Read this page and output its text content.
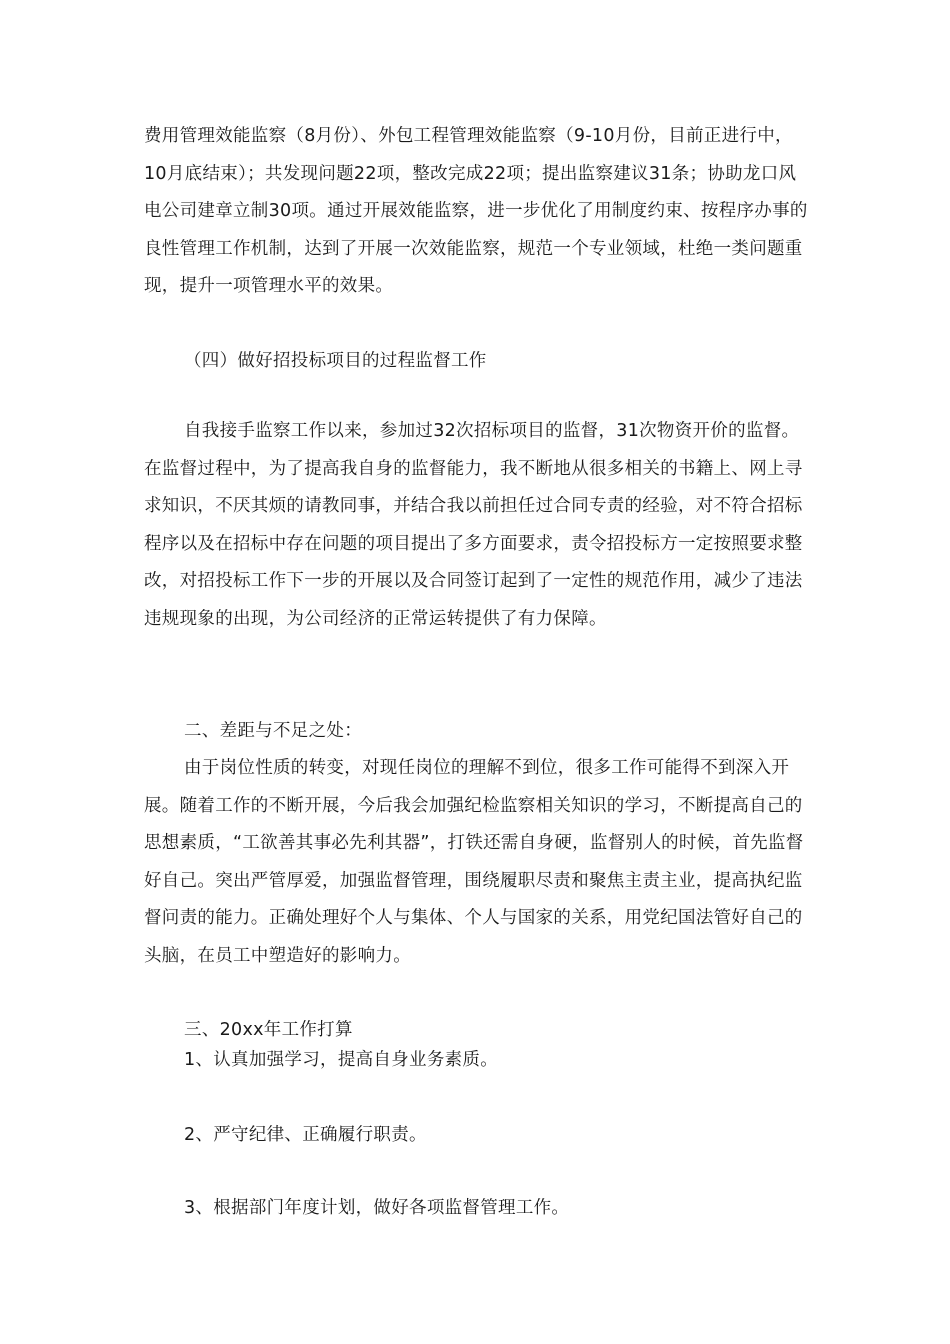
费用管理效能监察（8月份）、外包工程管理效能监察（9-10月份，目前正进行中，10月底结束）；共发现问题22项，整改完成22项；提出监察建议31条；协助龙口风电公司建章立制30项。通过开展效能监察，进一步优化了用制度约束、按程序办事的良性管理工作机制，达到了开展一次效能监察，规范一个专业领域，杜绝一类问题重现，提升一项管理水平的效果。

（四）做好招投标项目的过程监督工作

自我接手监察工作以来，参加过32次招标项目的监督，31次物资开价的监督。在监督过程中，为了提高我自身的监督能力，我不断地从很多相关的书籍上、网上寻求知识，不厌其烦的请教同事，并结合我以前担任过合同专责的经验，对不符合招标程序以及在招标中存在问题的项目提出了多方面要求，责令招投标方一定按照要求整改，对招投标工作下一步的开展以及合同签订起到了一定性的规范作用，减少了违法违规现象的出现，为公司经济的正常运转提供了有力保障。

二、差距与不足之处：

由于岗位性质的转变，对现任岗位的理解不到位，很多工作可能得不到深入开展。随着工作的不断开展，今后我会加强纪检监察相关知识的学习，不断提高自己的思想素质，“工欲善其事必先利其器”，打铁还需自身硬，监督别人的时候，首先监督好自己。突出严管厚爱，加强监督管理，围绕履职尽责和聚焦主责主业，提高执纪监督问责的能力。正确处理好个人与集体、个人与国家的关系，用党纪国法管好自己的头脑，在员工中塑造好的影响力。

三、20xx年工作打算

1、认真加强学习，提高自身业务素质。

2、严守纪律、正确履行职责。

3、根据部门年度计划，做好各项监督管理工作。
